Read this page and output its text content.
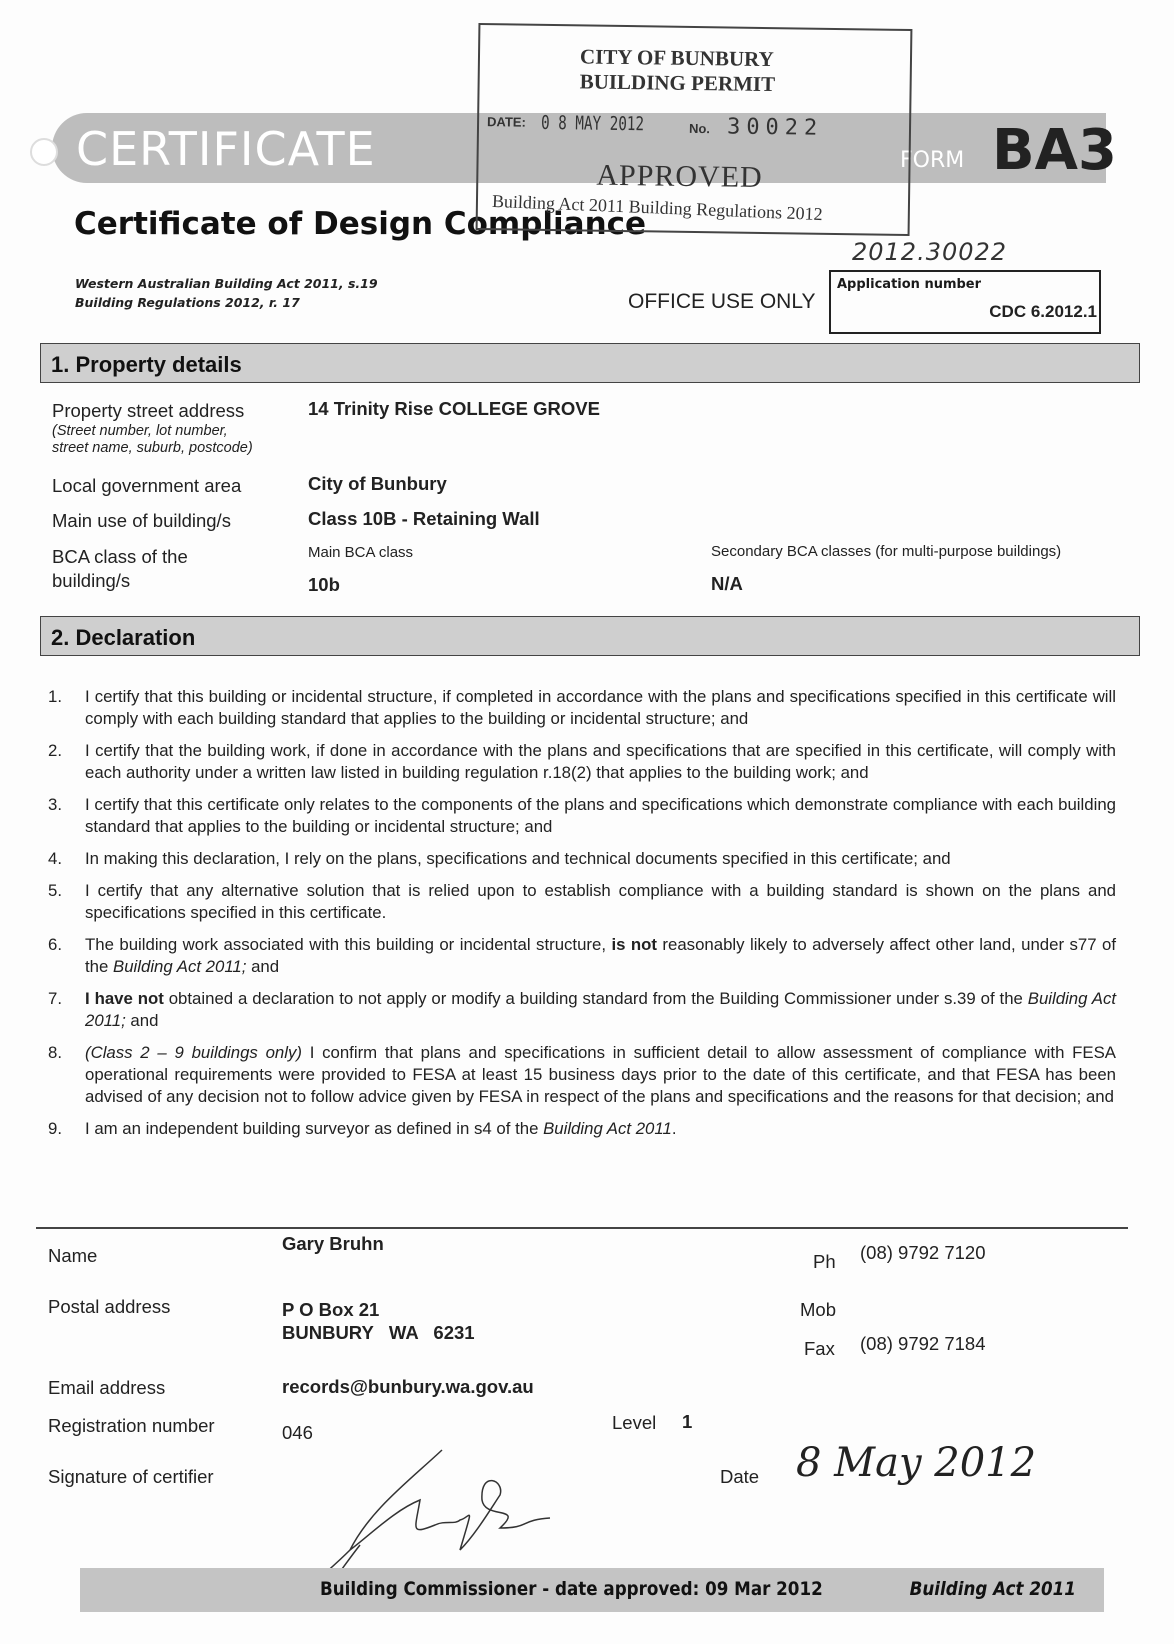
CERTIFICATE	FORM BA3
Certificate of Design Compliance
Western Australian Building Act 2011, s.19
Building Regulations 2012, r. 17
CITY OF BUNBURY
BUILDING PERMIT
DATE: 0 8 MAY 2012	No. 30022
APPROVED
Building Act 2011 Building Regulations 2012
2012.30022
OFFICE USE ONLY
Application number
CDC 6.2012.1
1. Property details
Property street address
(Street number, lot number,
street name, suburb, postcode)
14 Trinity Rise COLLEGE GROVE
Local government area	City of Bunbury
Main use of building/s	Class 10B - Retaining Wall
BCA class of the
building/s
Main BCA class
10b
Secondary BCA classes (for multi-purpose buildings)
N/A
2. Declaration
1.	I certify that this building or incidental structure, if completed in accordance with the plans and specifications specified in this certificate will comply with each building standard that applies to the building or incidental structure; and
2.	I certify that the building work, if done in accordance with the plans and specifications that are specified in this certificate, will comply with each authority under a written law listed in building regulation r.18(2) that applies to the building work; and
3.	I certify that this certificate only relates to the components of the plans and specifications which demonstrate compliance with each building standard that applies to the building or incidental structure; and
4.	In making this declaration, I rely on the plans, specifications and technical documents specified in this certificate; and
5.	I certify that any alternative solution that is relied upon to establish compliance with a building standard is shown on the plans and specifications specified in this certificate.
6.	The building work associated with this building or incidental structure, is not reasonably likely to adversely affect other land, under s77 of the Building Act 2011; and
7.	I have not obtained a declaration to not apply or modify a building standard from the Building Commissioner under s.39 of the Building Act 2011; and
8.	(Class 2 – 9 buildings only) I confirm that plans and specifications in sufficient detail to allow assessment of compliance with FESA operational requirements were provided to FESA at least 15 business days prior to the date of this certificate, and that FESA has been advised of any decision not to follow advice given by FESA in respect of the plans and specifications and the reasons for that decision; and
9.	I am an independent building surveyor as defined in s4 of the Building Act 2011.
Name
Gary Bruhn
Ph (08) 9792 7120
Postal address	P O Box 21
BUNBURY   WA   6231
Mob
Fax (08) 9792 7184
Email address	records@bunbury.wa.gov.au
Registration number	046	Level 1
Signature of certifier	Date 8 May 2012
Building Commissioner - date approved: 09 Mar 2012	Building Act 2011
